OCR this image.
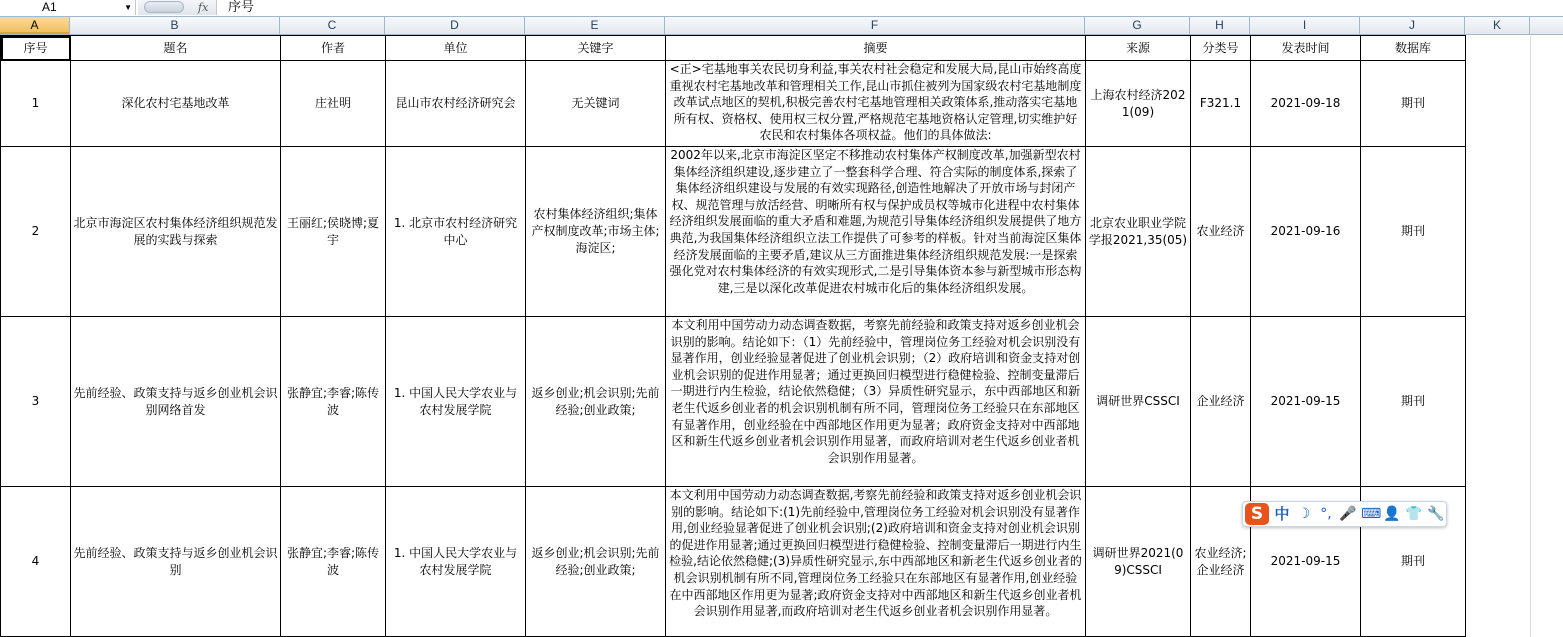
A1	▼	fx 序号
A	B	C	D	E	F	G	H	I	J	K
序号	题名	作者	单位	关键字	摘要	来源	分类号	发表时间	数据库	
1	深化农村宅基地改革	庄社明	昆山市农村经济研究会	无关键词	<正>宅基地事关农民切身利益,事关农村社会稳定和发展大局,昆山市始终高度重视农村宅基地改革和管理相关工作,昆山市抓住被列为国家级农村宅基地制度改革试点地区的契机,积极完善农村宅基地管理相关政策体系,推动落实宅基地所有权、资格权、使用权三权分置,严格规范宅基地资格认定管理,切实维护好农民和农村集体各项权益。他们的具体做法:	上海农村经济2021(09)	F321.1	2021-09-18	期刊	
2	北京市海淀区农村集体经济组织规范发展的实践与探索	王丽红;侯晓博;夏宇	1. 北京市农村经济研究中心	农村集体经济组织;集体产权制度改革;市场主体;海淀区;	2002年以来,北京市海淀区坚定不移推动农村集体产权制度改革,加强新型农村集体经济组织建设,逐步建立了一整套科学合理、符合实际的制度体系,探索了集体经济组织建设与发展的有效实现路径,创造性地解决了开放市场与封闭产权、规范管理与放活经营、明晰所有权与保护成员权等城市化进程中农村集体经济组织发展面临的重大矛盾和难题,为规范引导集体经济组织发展提供了地方典范,为我国集体经济组织立法工作提供了可参考的样板。针对当前海淀区集体经济发展面临的主要矛盾,建议从三方面推进集体经济组织规范发展:一是探索强化党对农村集体经济的有效实现形式,二是引导集体资本参与新型城市形态构建,三是以深化改革促进农村城市化后的集体经济组织发展。	北京农业职业学院学报2021,35(05)	农业经济	2021-09-16	期刊	
3	先前经验、政策支持与返乡创业机会识别网络首发	张静宜;李睿;陈传波	1. 中国人民大学农业与农村发展学院	返乡创业;机会识别;先前经验;创业政策;	本文利用中国劳动力动态调查数据，考察先前经验和政策支持对返乡创业机会识别的影响。结论如下：（1）先前经验中，管理岗位务工经验对机会识别没有显著作用，创业经验显著促进了创业机会识别；（2）政府培训和资金支持对创业机会识别的促进作用显著；通过更换回归模型进行稳健检验、控制变量滞后一期进行内生检验，结论依然稳健；（3）异质性研究显示，东中西部地区和新老生代返乡创业者的机会识别机制有所不同，管理岗位务工经验只在东部地区有显著作用，创业经验在中西部地区作用更为显著；政府资金支持对中西部地区和新生代返乡创业者机会识别作用显著，而政府培训对老生代返乡创业者机会识别作用显著。	调研世界CSSCI	企业经济	2021-09-15	期刊	
4	先前经验、政策支持与返乡创业机会识别	张静宜;李睿;陈传波	1. 中国人民大学农业与农村发展学院	返乡创业;机会识别;先前经验;创业政策;	本文利用中国劳动力动态调查数据,考察先前经验和政策支持对返乡创业机会识别的影响。结论如下:(1)先前经验中,管理岗位务工经验对机会识别没有显著作用,创业经验显著促进了创业机会识别;(2)政府培训和资金支持对创业机会识别的促进作用显著;通过更换回归模型进行稳健检验、控制变量滞后一期进行内生检验,结论依然稳健;(3)异质性研究显示,东中西部地区和新老生代返乡创业者的机会识别机制有所不同,管理岗位务工经验只在东部地区有显著作用,创业经验在中西部地区作用更为显著;政府资金支持对中西部地区和新生代返乡创业者机会识别作用显著,而政府培训对老生代返乡创业者机会识别作用显著。	调研世界2021(09)CSSCI	农业经济;企业经济	2021-09-15	期刊	
S 中 ☽ °, 🎤 ⌨ 👤 👕 🔧
